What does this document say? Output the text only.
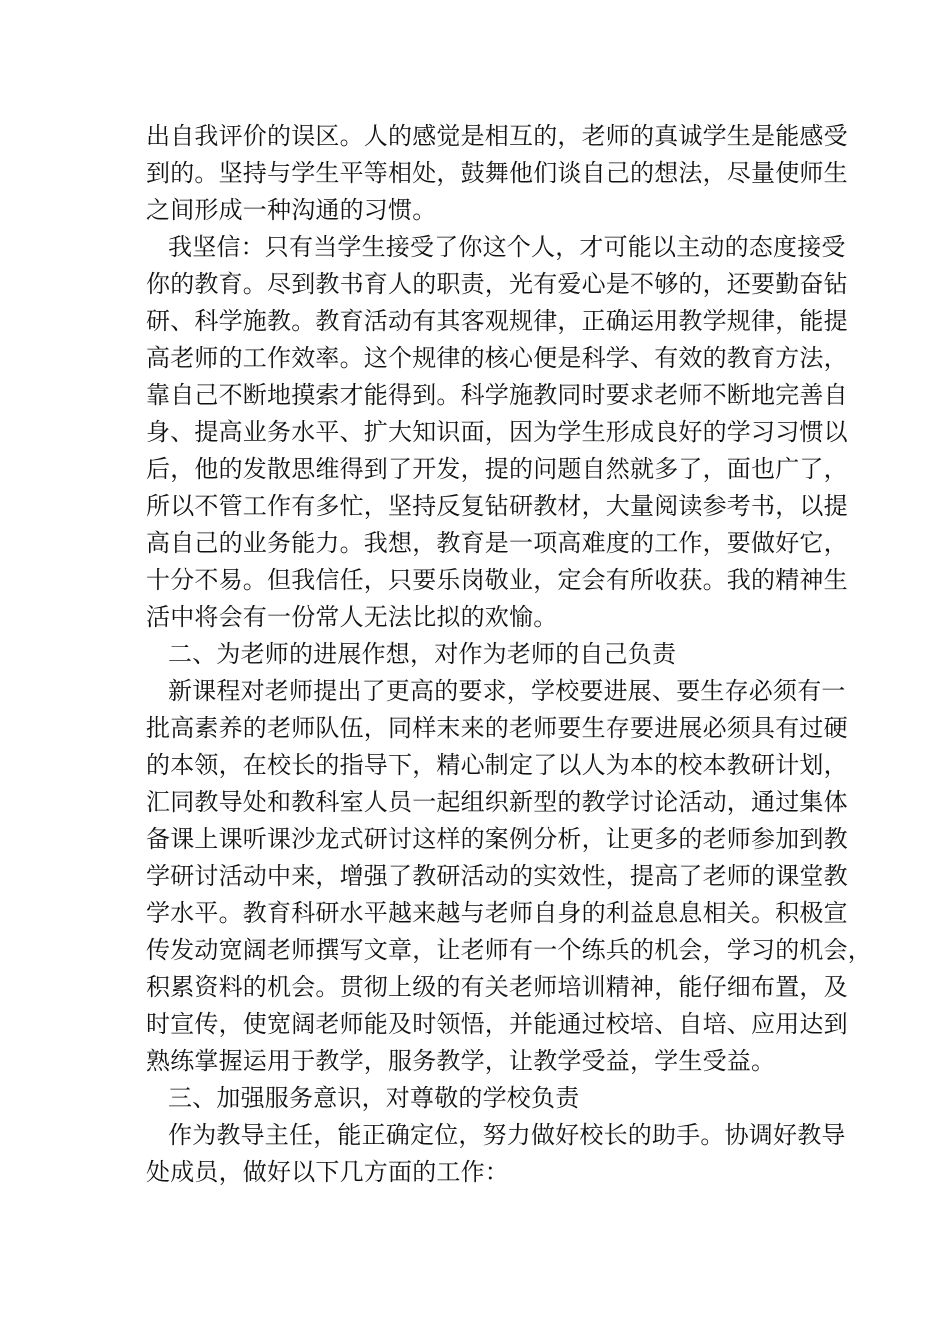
出自我评价的误区。人的感觉是相互的，老师的真诚学生是能感受
到的。坚持与学生平等相处，鼓舞他们谈自己的想法，尽量使师生
之间形成一种沟通的习惯。
我坚信：只有当学生接受了你这个人，才可能以主动的态度接受
你的教育。尽到教书育人的职责，光有爱心是不够的，还要勤奋钻
研、科学施教。教育活动有其客观规律，正确运用教学规律，能提
高老师的工作效率。这个规律的核心便是科学、有效的教育方法，
靠自己不断地摸索才能得到。科学施教同时要求老师不断地完善自
身、提高业务水平、扩大知识面，因为学生形成良好的学习习惯以
后，他的发散思维得到了开发，提的问题自然就多了，面也广了，
所以不管工作有多忙，坚持反复钻研教材，大量阅读参考书，以提
高自己的业务能力。我想，教育是一项高难度的工作，要做好它，
十分不易。但我信任，只要乐岗敬业，定会有所收获。我的精神生
活中将会有一份常人无法比拟的欢愉。
二、为老师的进展作想，对作为老师的自己负责
新课程对老师提出了更高的要求，学校要进展、要生存必须有一
批高素养的老师队伍，同样末来的老师要生存要进展必须具有过硬
的本领，在校长的指导下，精心制定了以人为本的校本教研计划，
汇同教导处和教科室人员一起组织新型的教学讨论活动，通过集体
备课上课听课沙龙式研讨这样的案例分析，让更多的老师参加到教
学研讨活动中来，增强了教研活动的实效性，提高了老师的课堂教
学水平。教育科研水平越来越与老师自身的利益息息相关。积极宣
传发动宽阔老师撰写文章，让老师有一个练兵的机会，学习的机会，
积累资料的机会。贯彻上级的有关老师培训精神，能仔细布置，及
时宣传，使宽阔老师能及时领悟，并能通过校培、自培、应用达到
熟练掌握运用于教学，服务教学，让教学受益，学生受益。
三、加强服务意识，对尊敬的学校负责
作为教导主任，能正确定位，努力做好校长的助手。协调好教导
处成员，做好以下几方面的工作：
